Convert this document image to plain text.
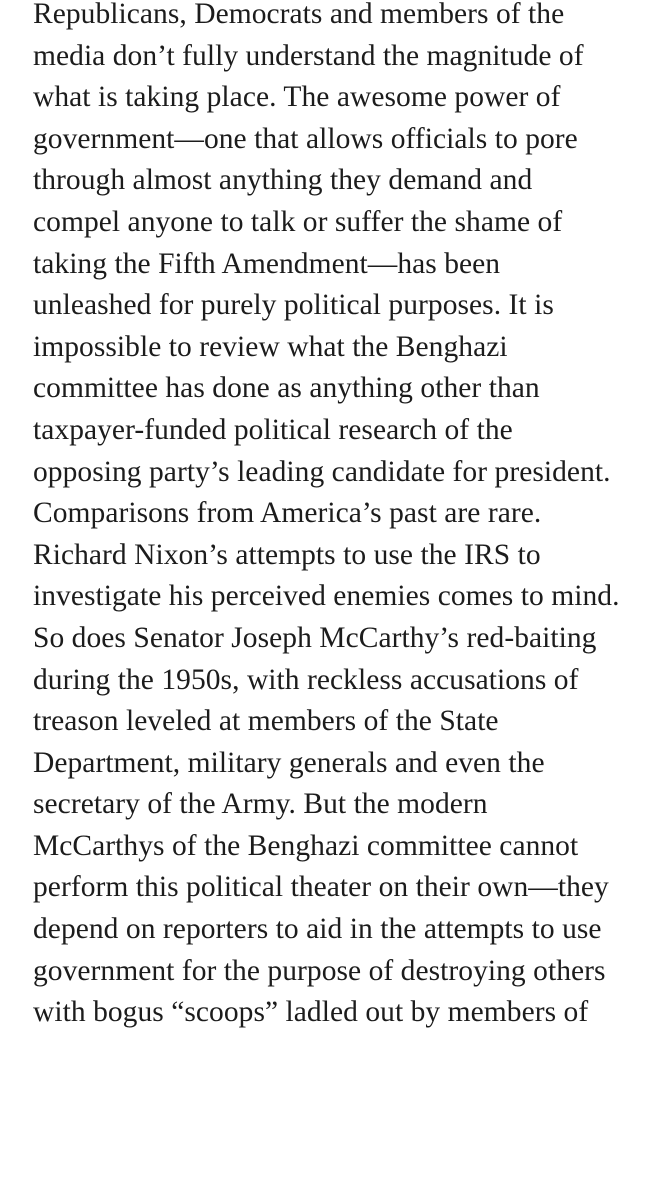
Republicans, Democrats and members of the
media don’t fully understand the magnitude of
what is taking place. The awesome power of
government—one that allows officials to pore
through almost anything they demand and
compel anyone to talk or suffer the shame of
taking the Fifth Amendment—has been
unleashed for purely political purposes. It is
impossible to review what the Benghazi
committee has done as anything other than
taxpayer-funded political research of the
opposing party’s leading candidate for president.
Comparisons from America’s past are rare.
Richard Nixon’s attempts to use the IRS to
investigate his perceived enemies comes to mind.
So does Senator Joseph McCarthy’s red-baiting
during the 1950s, with reckless accusations of
treason leveled at members of the State
Department, military generals and even the
secretary of the Army. But the modern
McCarthys of the Benghazi committee cannot
perform this political theater on their own—they
depend on reporters to aid in the attempts to use
government for the purpose of destroying others
with bogus “scoops” ladled out by members of
